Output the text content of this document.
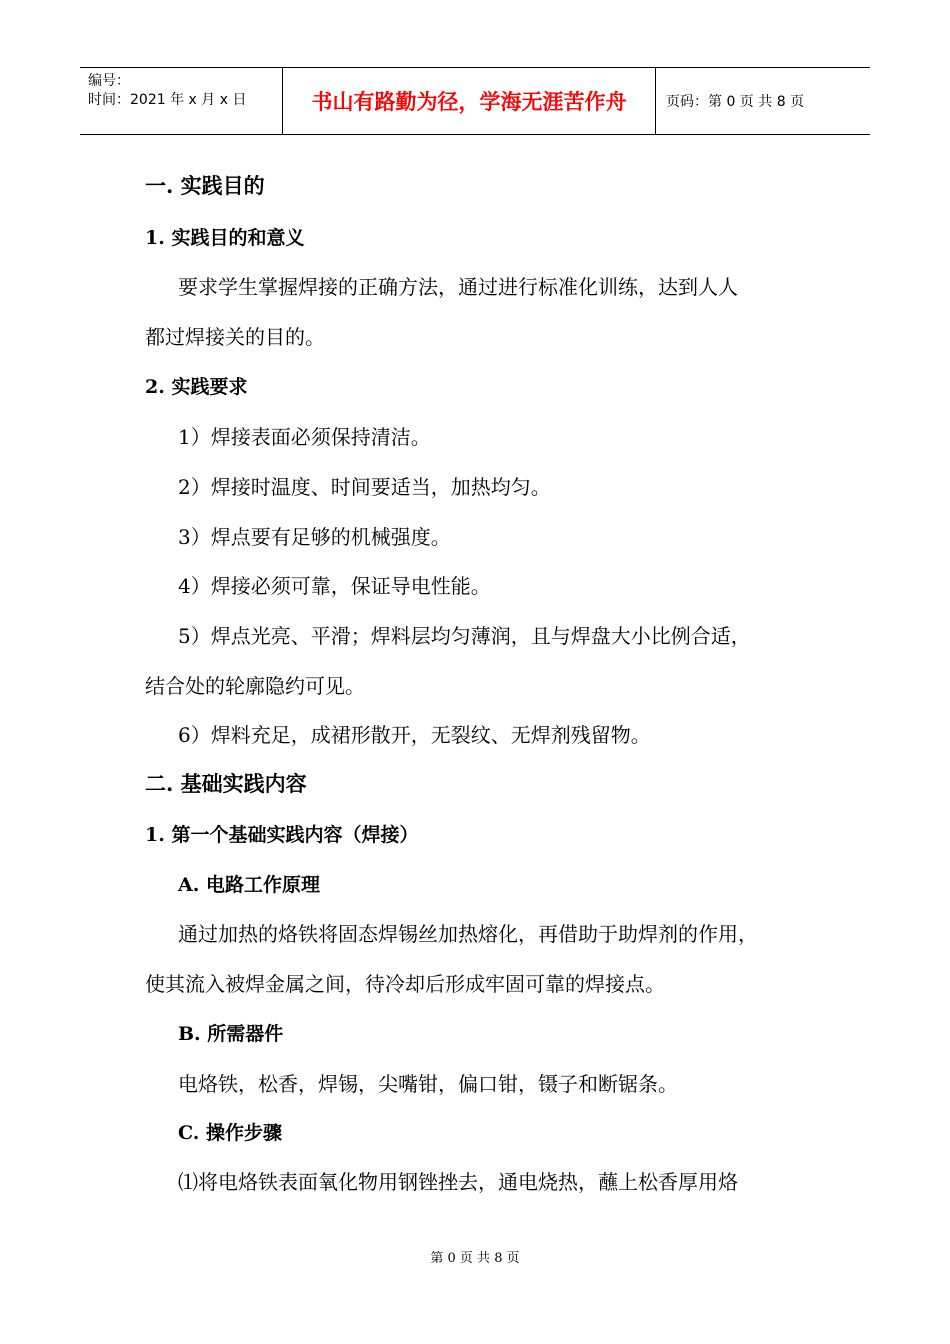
编号：
时间：2021 年 x 月 x 日	书山有路勤为径，学海无涯苦作舟	页码：第 0 页 共 8 页
一. 实践目的
1. 实践目的和意义
要求学生掌握焊接的正确方法，通过进行标准化训练，达到人人
都过焊接关的目的。
2. 实践要求
1）焊接表面必须保持清洁。
2）焊接时温度、时间要适当，加热均匀。
3）焊点要有足够的机械强度。
4）焊接必须可靠，保证导电性能。
5）焊点光亮、平滑；焊料层均匀薄润，且与焊盘大小比例合适，
结合处的轮廓隐约可见。
6）焊料充足，成裙形散开，无裂纹、无焊剂残留物。
二. 基础实践内容
1. 第一个基础实践内容（焊接）
A. 电路工作原理
通过加热的烙铁将固态焊锡丝加热熔化，再借助于助焊剂的作用，
使其流入被焊金属之间，待冷却后形成牢固可靠的焊接点。
B. 所需器件
电烙铁，松香，焊锡，尖嘴钳，偏口钳，镊子和断锯条。
C. 操作步骤
⑴将电烙铁表面氧化物用钢锉挫去，通电烧热，蘸上松香厚用烙
第 0 页 共 8 页
